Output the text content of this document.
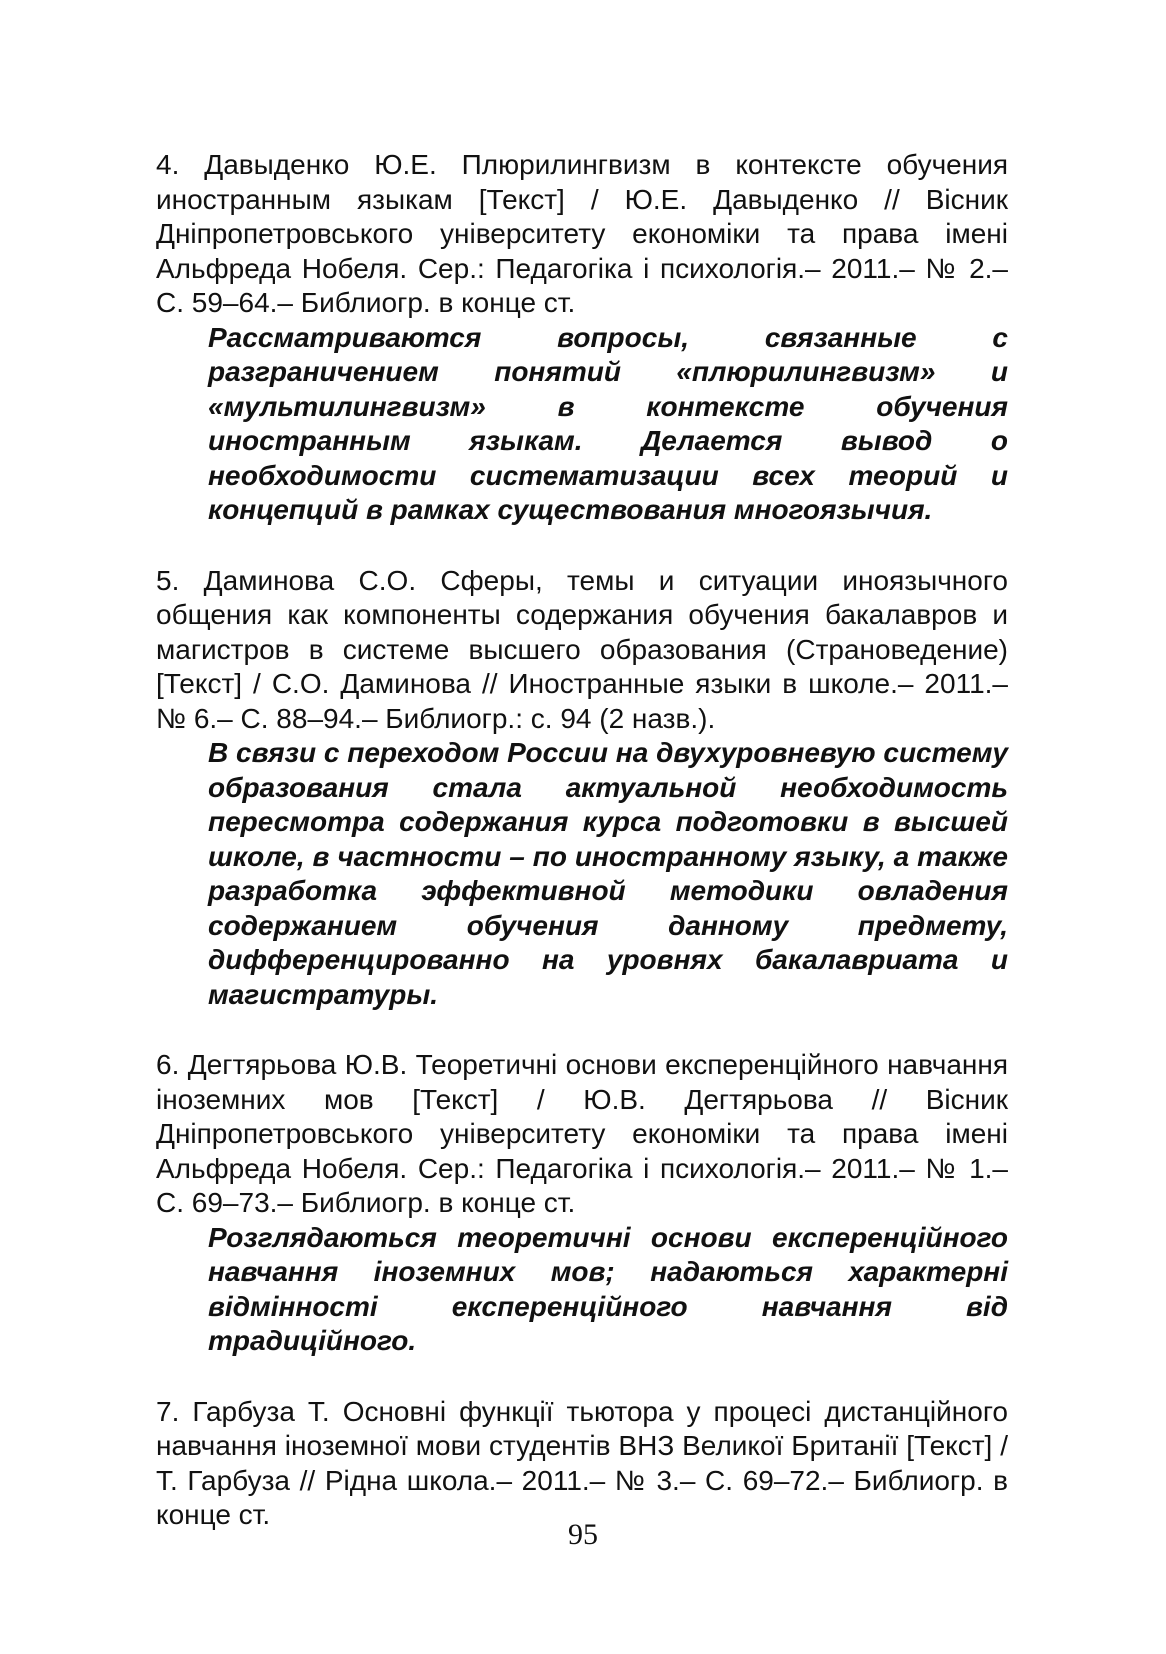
4. Давыденко Ю.Е. Плюрилингвизм в контексте обучения иностранным языкам [Текст] / Ю.Е. Давыденко // Вісник Дніпропетровського університету економіки та права імені Альфреда Нобеля. Сер.: Педагогіка і психологія.– 2011.– № 2.– С. 59–64.– Библиогр. в конце ст.

Рассматриваются вопросы, связанные с разграничением понятий «плюрилингвизм» и «мультилингвизм» в контексте обучения иностранным языкам. Делается вывод о необходимости систематизации всех теорий и концепций в рамках существования многоязычия.

5. Даминова С.О. Сферы, темы и ситуации иноязычного общения как компоненты содержания обучения бакалавров и магистров в системе высшего образования (Страноведение) [Текст] / С.О. Даминова // Иностранные языки в школе.– 2011.– № 6.– С. 88–94.– Библиогр.: с. 94 (2 назв.).

В связи с переходом России на двухуровневую систему образования стала актуальной необходимость пересмотра содержания курса подготовки в высшей школе, в частности – по иностранному языку, а также разработка эффективной методики овладения содержанием обучения данному предмету, дифференцированно на уровнях бакалавриата и магистратуры.

6. Дегтярьова Ю.В. Теоретичні основи експеренційного навчання іноземних мов [Текст] / Ю.В. Дегтярьова // Вісник Дніпропетровського університету економіки та права імені Альфреда Нобеля. Сер.: Педагогіка і психологія.– 2011.– № 1.– С. 69–73.– Библиогр. в конце ст.

Розглядаються теоретичні основи експеренційного навчання іноземних мов; надаються характерні відмінності експеренційного навчання від традиційного.

7. Гарбуза Т. Основні функції тьютора у процесі дистанційного навчання іноземної мови студентів ВНЗ Великої Британії [Текст] / Т. Гарбуза // Рідна школа.– 2011.– № 3.– С. 69–72.– Библиогр. в конце ст.

95
